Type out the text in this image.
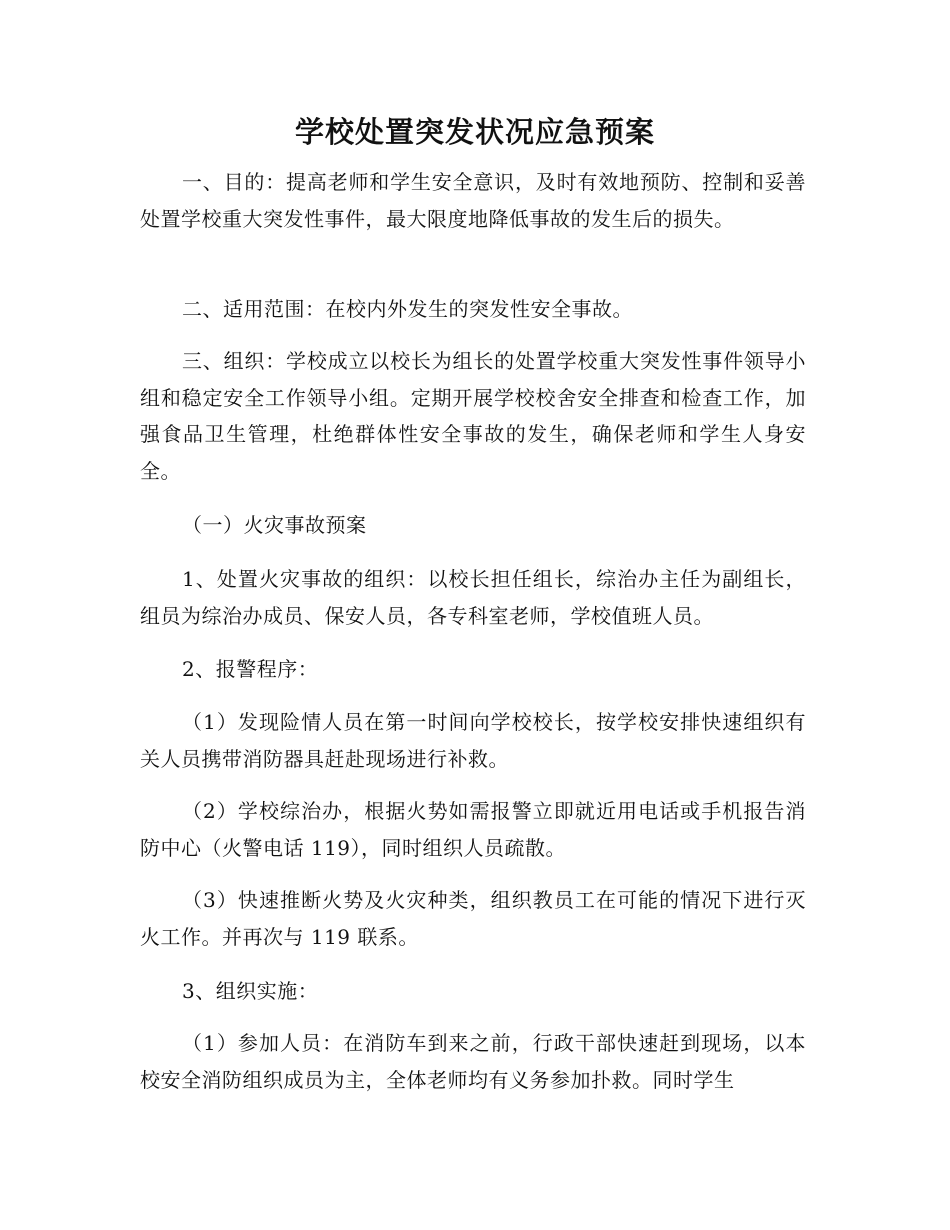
学校处置突发状况应急预案

一、目的：提高老师和学生安全意识，及时有效地预防、控制和妥善处置学校重大突发性事件，最大限度地降低事故的发生后的损失。

二、适用范围：在校内外发生的突发性安全事故。

三、组织：学校成立以校长为组长的处置学校重大突发性事件领导小组和稳定安全工作领导小组。定期开展学校校舍安全排查和检查工作，加强食品卫生管理，杜绝群体性安全事故的发生，确保老师和学生人身安全。

（一）火灾事故预案

1、处置火灾事故的组织：以校长担任组长，综治办主任为副组长，组员为综治办成员、保安人员，各专科室老师，学校值班人员。

2、报警程序：

（1）发现险情人员在第一时间向学校校长，按学校安排快速组织有关人员携带消防器具赶赴现场进行补救。

（2）学校综治办，根据火势如需报警立即就近用电话或手机报告消防中心（火警电话 119），同时组织人员疏散。

（3）快速推断火势及火灾种类，组织教员工在可能的情况下进行灭火工作。并再次与 119 联系。

3、组织实施：

（1）参加人员：在消防车到来之前，行政干部快速赶到现场，以本校安全消防组织成员为主，全体老师均有义务参加扑救。同时学生
